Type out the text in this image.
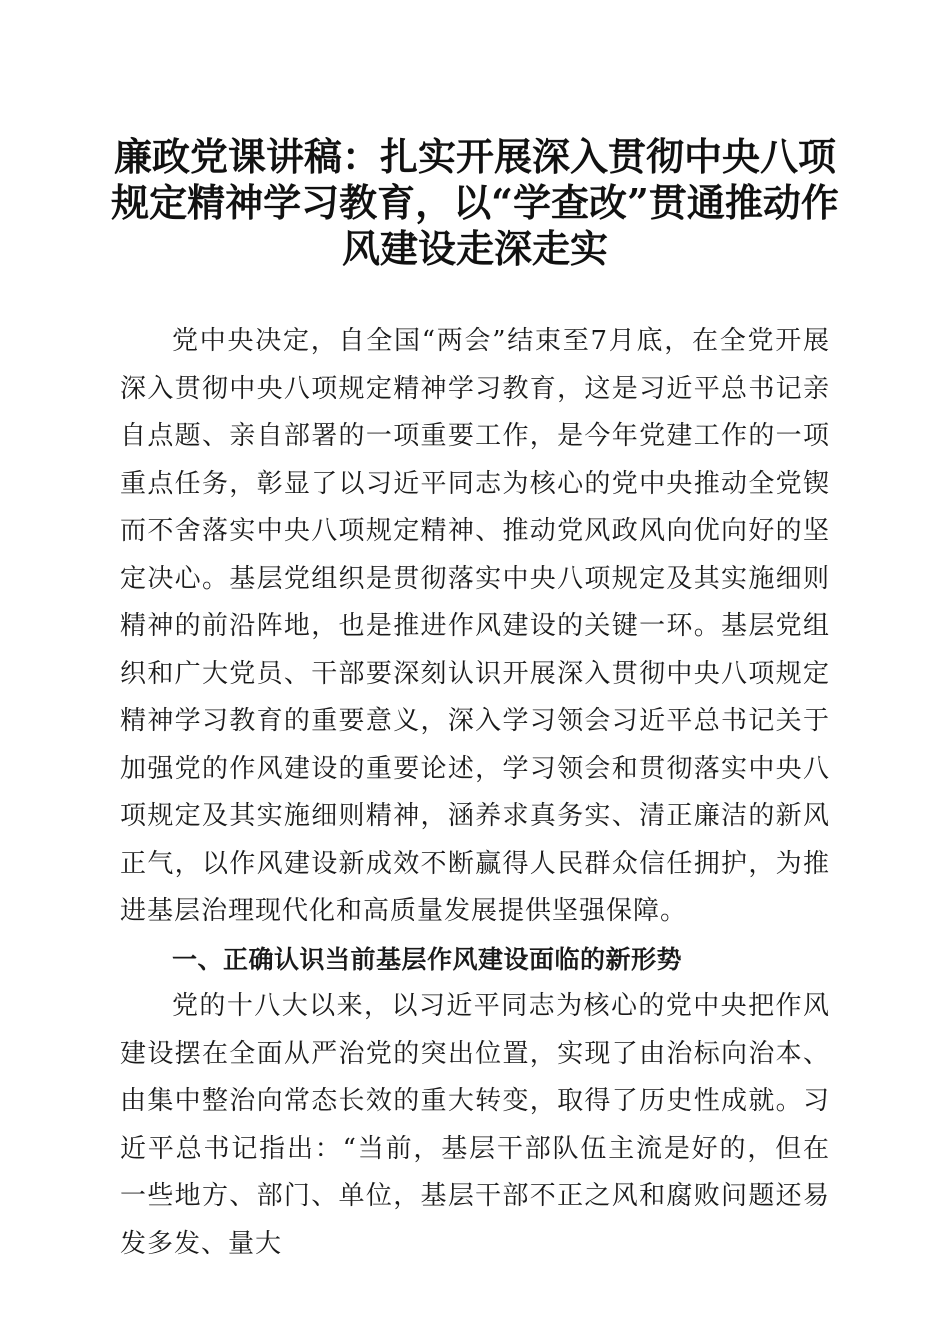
廉政党课讲稿：扎实开展深入贯彻中央八项规定精神学习教育，以“学查改”贯通推动作风建设走深走实

党中央决定，自全国“两会”结束至7月底，在全党开展深入贯彻中央八项规定精神学习教育，这是习近平总书记亲自点题、亲自部署的一项重要工作，是今年党建工作的一项重点任务，彰显了以习近平同志为核心的党中央推动全党锲而不舍落实中央八项规定精神、推动党风政风向优向好的坚定决心。基层党组织是贯彻落实中央八项规定及其实施细则精神的前沿阵地，也是推进作风建设的关键一环。基层党组织和广大党员、干部要深刻认识开展深入贯彻中央八项规定精神学习教育的重要意义，深入学习领会习近平总书记关于加强党的作风建设的重要论述，学习领会和贯彻落实中央八项规定及其实施细则精神，涵养求真务实、清正廉洁的新风正气，以作风建设新成效不断赢得人民群众信任拥护，为推进基层治理现代化和高质量发展提供坚强保障。

一、正确认识当前基层作风建设面临的新形势

党的十八大以来，以习近平同志为核心的党中央把作风建设摆在全面从严治党的突出位置，实现了由治标向治本、由集中整治向常态长效的重大转变，取得了历史性成就。习近平总书记指出：“当前，基层干部队伍主流是好的，但在一些地方、部门、单位，基层干部不正之风和腐败问题还易发多发、量大
